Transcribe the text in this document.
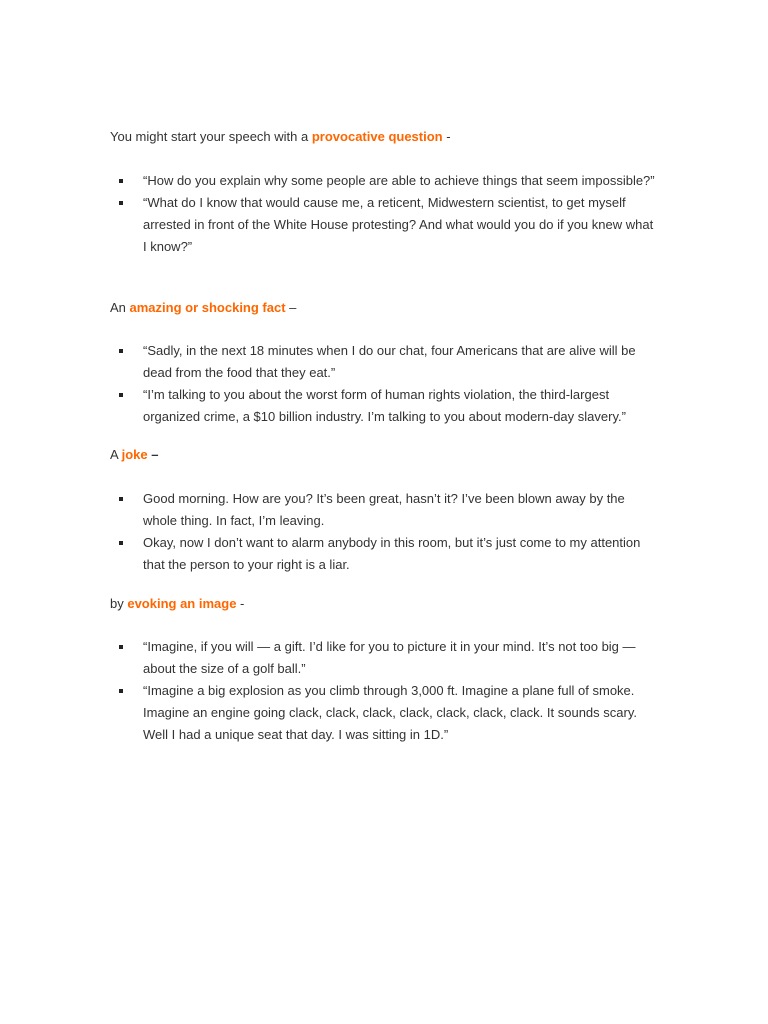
You might start your speech with a provocative question -
“How do you explain why some people are able to achieve things that seem impossible?”
“What do I know that would cause me, a reticent, Midwestern scientist, to get myself arrested in front of the White House protesting? And what would you do if you knew what I know?”
An amazing or shocking fact –
“Sadly, in the next 18 minutes when I do our chat, four Americans that are alive will be dead from the food that they eat.”
“I’m talking to you about the worst form of human rights violation, the third-largest organized crime, a $10 billion industry. I’m talking to you about modern-day slavery.”
A joke –
Good morning. How are you? It’s been great, hasn’t it? I’ve been blown away by the whole thing. In fact, I’m leaving.
Okay, now I don’t want to alarm anybody in this room, but it’s just come to my attention that the person to your right is a liar.
by evoking an image -
“Imagine, if you will — a gift. I’d like for you to picture it in your mind. It’s not too big — about the size of a golf ball.”
“Imagine a big explosion as you climb through 3,000 ft. Imagine a plane full of smoke. Imagine an engine going clack, clack, clack, clack, clack, clack, clack. It sounds scary. Well I had a unique seat that day. I was sitting in 1D.”
